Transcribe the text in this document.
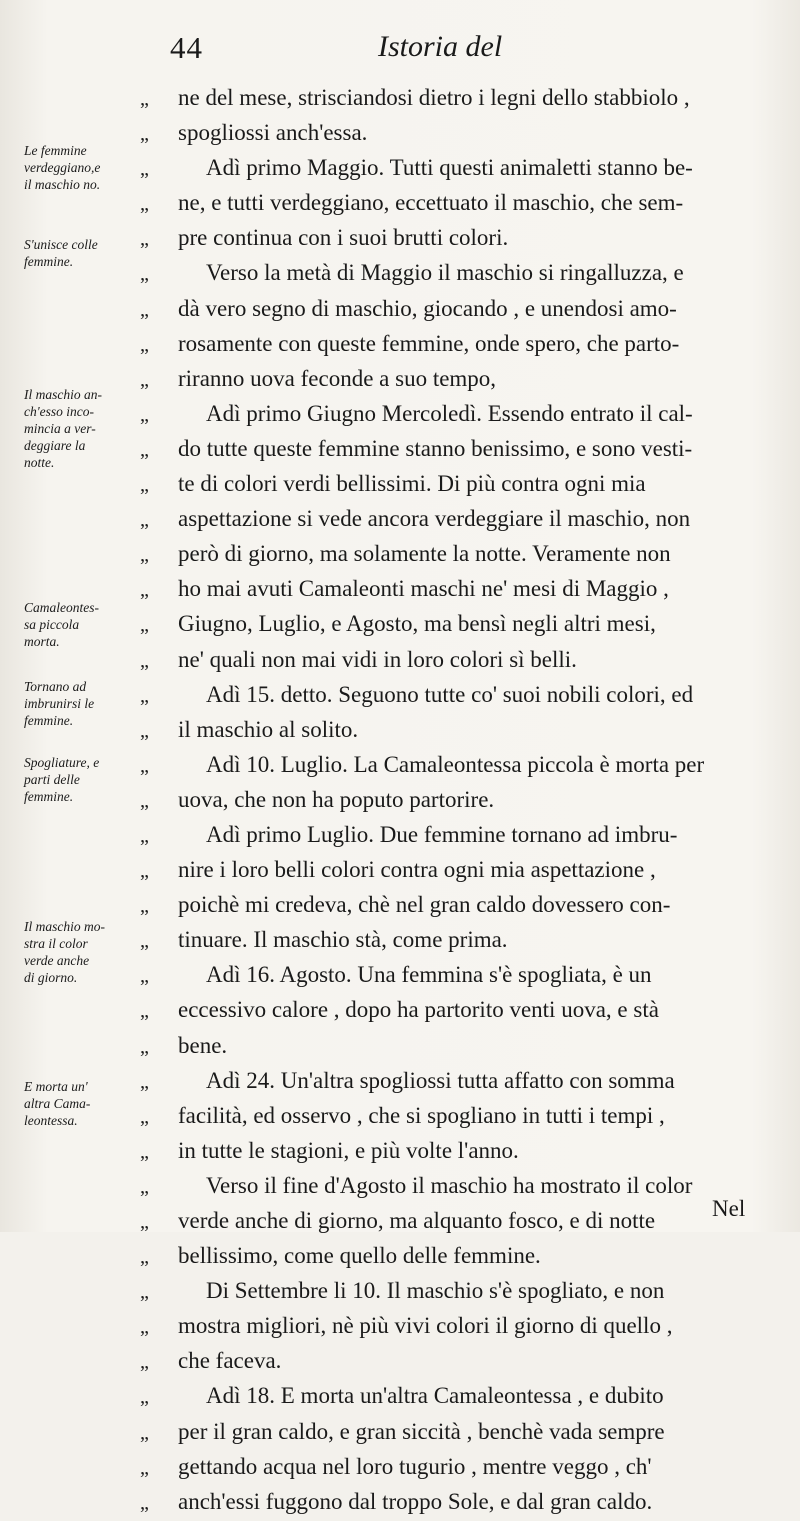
44	Istoria del
Le femmine
verdeggiano,e
il maschio no.
S'unisce colle
femmine.
Il maschio an-
ch'esso inco-
mincia a ver-
deggiare la
notte.
Camaleontes-
sa piccola
morta.
Tornano ad
imbrunirsi le
femmine.
Spogliature, e
parti delle
femmine.
Il maschio mo-
stra il color
verde anche
di giorno.
E morta un'
altra Cama-
leontessa.
„ ne del mese, strisciandosi dietro i legni dello stabbiolo ,
„ spogliossi anch'essa.
„ Adì primo Maggio. Tutti questi animaletti stanno be-
„ ne, e tutti verdeggiano, eccettuato il maschio, che sem-
„ pre continua con i suoi brutti colori.
„ Verso la metà di Maggio il maschio si ringalluzza, e
„ dà vero segno di maschio, giocando , e unendosi amo-
„ rosamente con queste femmine, onde spero, che parto-
„ riranno uova feconde a suo tempo,
„ Adì primo Giugno Mercoledì. Essendo entrato il cal-
„ do tutte queste femmine stanno benissimo, e sono vesti-
„ te di colori verdi bellissimi. Di più contra ogni mia
„ aspettazione si vede ancora verdeggiare il maschio, non
„ però di giorno, ma solamente la notte. Veramente non
„ ho mai avuti Camaleonti maschi ne' mesi di Maggio ,
„ Giugno, Luglio, e Agosto, ma bensì negli altri mesi,
„ ne' quali non mai vidi in loro colori sì belli.
„ Adì 15. detto. Seguono tutte co' suoi nobili colori, ed
„ il maschio al solito.
„ Adì 10. Luglio. La Camaleontessa piccola è morta per
„ uova, che non ha poputo partorire.
„ Adì primo Luglio. Due femmine tornano ad imbru-
„ nire i loro belli colori contra ogni mia aspettazione ,
„ poichè mi credeva, chè nel gran caldo dovessero con-
„ tinuare. Il maschio stà, come prima.
„ Adì 16. Agosto. Una femmina s'è spogliata, è un
„ eccessivo calore , dopo ha partorito venti uova, e stà
„ bene.
„ Adì 24. Un'altra spogliossi tutta affatto con somma
„ facilità, ed osservo , che si spogliano in tutti i tempi ,
„ in tutte le stagioni, e più volte l'anno.
„ Verso il fine d'Agosto il maschio ha mostrato il color
„ verde anche di giorno, ma alquanto fosco, e di notte
„ bellissimo, come quello delle femmine.
„ Di Settembre li 10. Il maschio s'è spogliato, e non
„ mostra migliori, nè più vivi colori il giorno di quello ,
„ che faceva.
„ Adì 18. E morta un'altra Camaleontessa , e dubito
„ per il gran caldo, e gran siccità , benchè vada sempre
„ gettando acqua nel loro tugurio , mentre veggo , ch'
„ anch'essi fuggono dal troppo Sole, e dal gran caldo.
Nel
